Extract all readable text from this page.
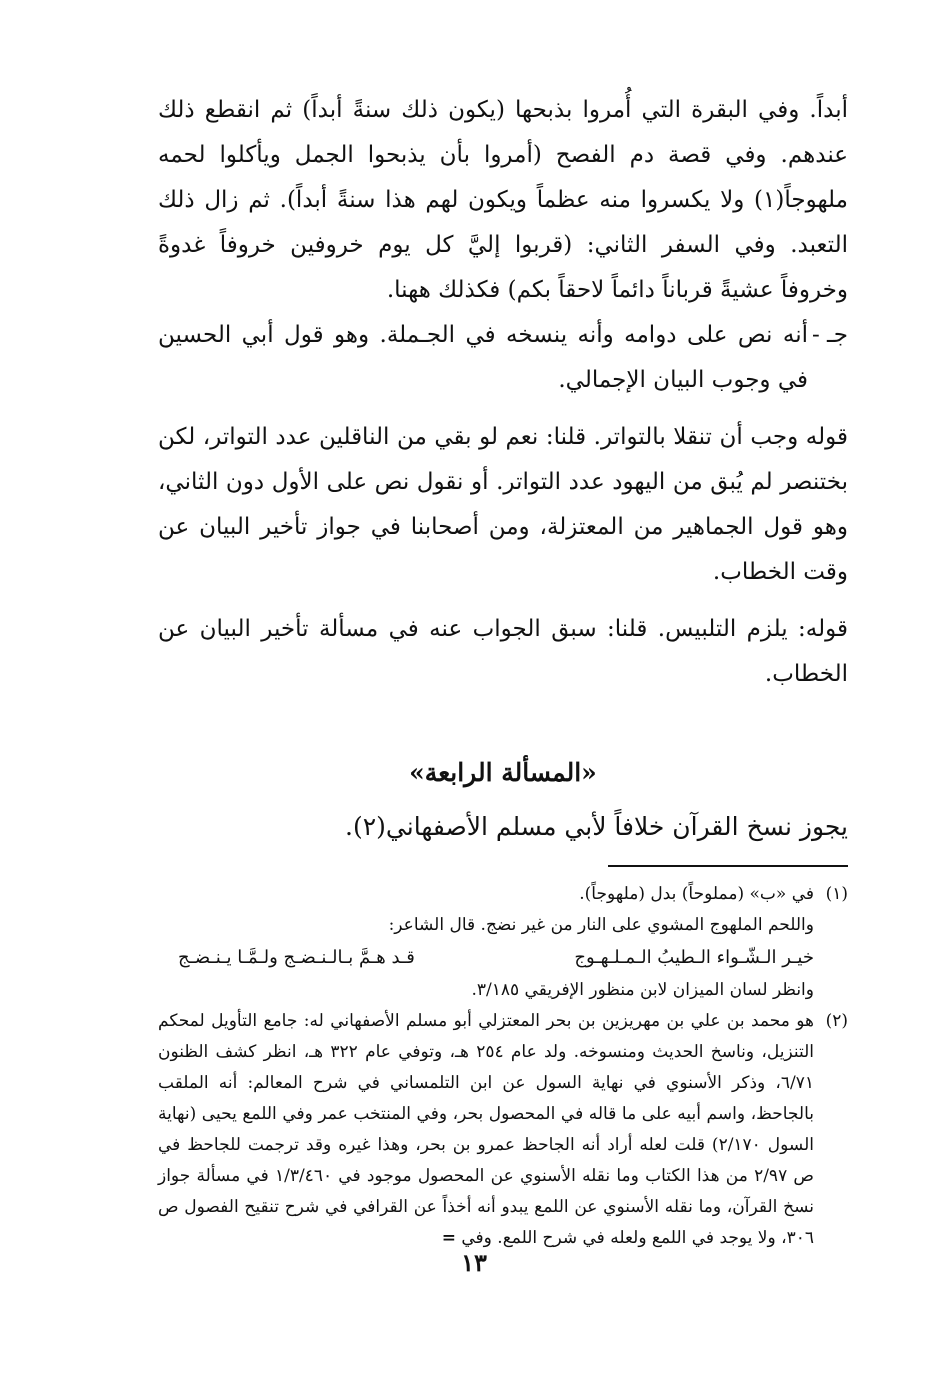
أبداً. وفي البقرة التي أُمروا بذبحها (يكون ذلك سنةً أبداً) ثم انقطع ذلك عندهم. وفي قصة دم الفصح (أمروا بأن يذبحوا الجمل ويأكلوا لحمه ملهوجاً(١) ولا يكسروا منه عظماً ويكون لهم هذا سنةً أبداً). ثم زال ذلك التعبد. وفي السفر الثاني: (قربوا إليَّ كل يوم خروفين خروفاً غدوةً وخروفاً عشيةً قرباناً دائماً لاحقاً بكم) فكذلك ههنا.

جـ -

أنه نص على دوامه وأنه ينسخه في الجـملة. وهو قول أبي الحسين في وجوب البيان الإجمالي.

قوله وجب أن تنقلا بالتواتر. قلنا: نعم لو بقي من الناقلين عدد التواتر، لكن بختنصر لم يُبق من اليهود عدد التواتر. أو نقول نص على الأول دون الثاني، وهو قول الجماهير من المعتزلة، ومن أصحابنا في جواز تأخير البيان عن وقت الخطاب.

قوله: يلزم التلبيس. قلنا: سبق الجواب عنه في مسألة تأخير البيان عن الخطاب.

«المسألة الرابعة»

يجوز نسخ القرآن خلافاً لأبي مسلم الأصفهاني(٢).

(١)

في «ب» (مملوحاً) بدل (ملهوجاً).

واللحم الملهوج المشوي على النار من غير نضج. قال الشاعر:

خيـر الـشّـواء الـطيبُ الـمـلـهـوج
قـد هـمَّ بـالـنـضـج ولـمَّـا يـنـضـج

وانظر لسان الميزان لابن منظور الإفريقي ٣/١٨٥.

(٢)

هو محمد بن علي بن مهريزين بن بحر المعتزلي أبو مسلم الأصفهاني له: جامع التأويل لمحكم التنزيل، وناسخ الحديث ومنسوخه. ولد عام ٢٥٤ هـ، وتوفي عام ٣٢٢ هـ، انظر كشف الظنون ٦/٧١، وذكر الأسنوي في نهاية السول عن ابن التلمساني في شرح المعالم: أنه الملقب بالجاحظ، واسم أبيه على ما قاله في المحصول بحر، وفي المنتخب عمر وفي اللمع يحيى (نهاية السول ٢/١٧٠) قلت لعله أراد أنه الجاحظ عمرو بن بحر، وهذا غيره وقد ترجمت للجاحظ في ص ٢/٩٧ من هذا الكتاب وما نقله الأسنوي عن المحصول موجود في ١/٣/٤٦٠ في مسألة جواز نسخ القرآن، وما نقله الأسنوي عن اللمع يبدو أنه أخذاً عن القرافي في شرح تنقيح الفصول ص ٣٠٦، ولا يوجد في اللمع ولعله في شرح اللمع. وفي =

١٣
